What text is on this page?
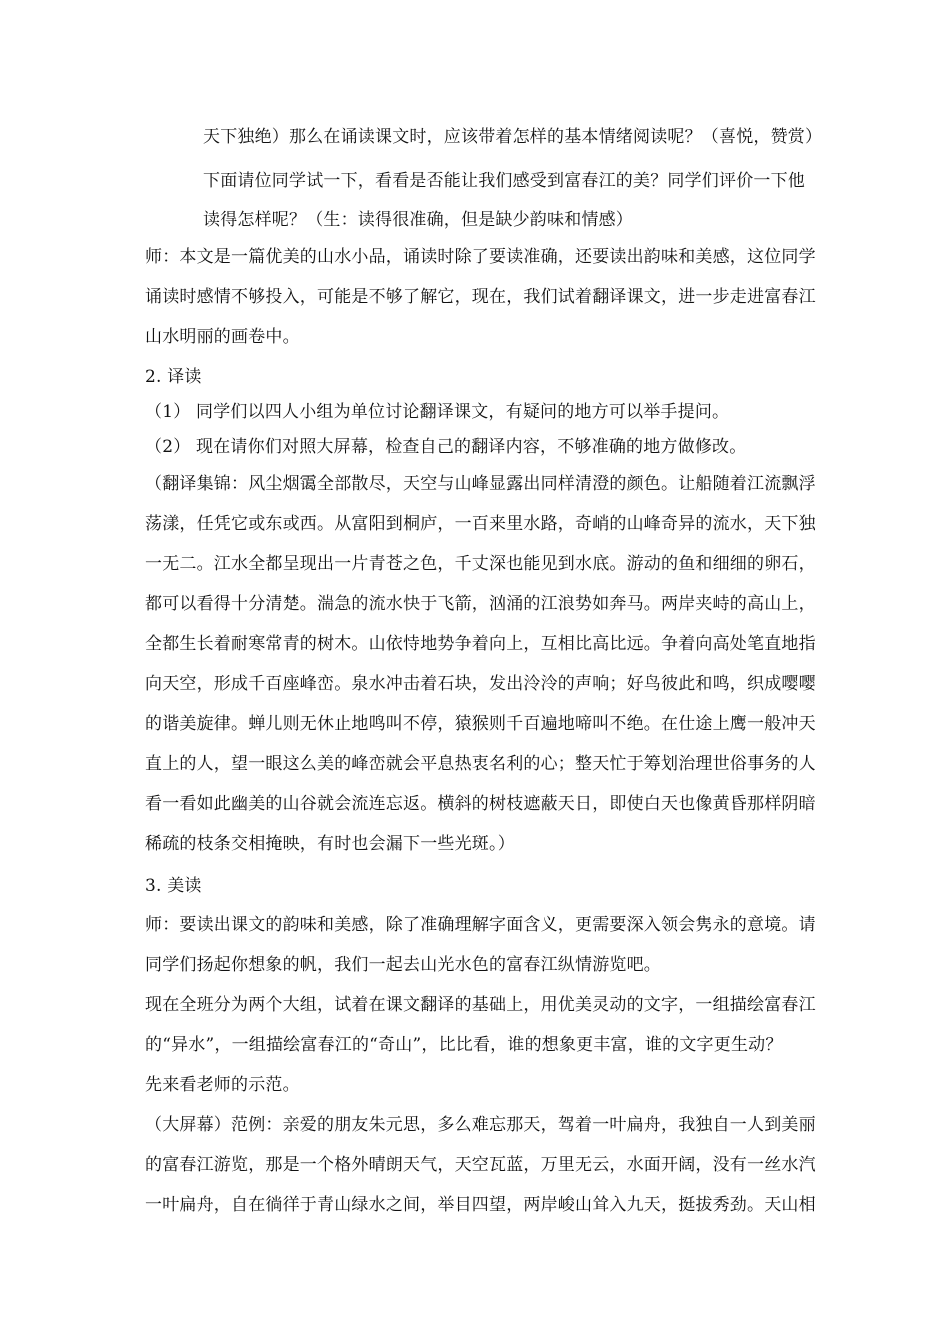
天下独绝）那么在诵读课文时，应该带着怎样的基本情绪阅读呢？（喜悦，赞赏）
下面请位同学试一下，看看是否能让我们感受到富春江的美？同学们评价一下他
读得怎样呢？（生：读得很准确，但是缺少韵味和情感）
师：本文是一篇优美的山水小品，诵读时除了要读准确，还要读出韵味和美感，这位同学
诵读时感情不够投入，可能是不够了解它，现在，我们试着翻译课文，进一步走进富春江
山水明丽的画卷中。
2. 译读
（1） 同学们以四人小组为单位讨论翻译课文，有疑问的地方可以举手提问。
（2） 现在请你们对照大屏幕，检查自己的翻译内容，不够准确的地方做修改。
（翻译集锦：风尘烟霭全部散尽，天空与山峰显露出同样清澄的颜色。让船随着江流飘浮
荡漾，任凭它或东或西。从富阳到桐庐，一百来里水路，奇峭的山峰奇异的流水，天下独
一无二。江水全都呈现出一片青苍之色，千丈深也能见到水底。游动的鱼和细细的卵石，
都可以看得十分清楚。湍急的流水快于飞箭，汹涌的江浪势如奔马。两岸夹峙的高山上，
全都生长着耐寒常青的树木。山依恃地势争着向上，互相比高比远。争着向高处笔直地指
向天空，形成千百座峰峦。泉水冲击着石块，发出泠泠的声响；好鸟彼此和鸣，织成嘤嘤
的谐美旋律。蝉儿则无休止地鸣叫不停，猿猴则千百遍地啼叫不绝。在仕途上鹰一般冲天
直上的人，望一眼这么美的峰峦就会平息热衷名利的心；整天忙于筹划治理世俗事务的人
看一看如此幽美的山谷就会流连忘返。横斜的树枝遮蔽天日，即使白天也像黄昏那样阴暗
稀疏的枝条交相掩映，有时也会漏下一些光斑。）
3. 美读
师：要读出课文的韵味和美感，除了准确理解字面含义，更需要深入领会隽永的意境。请
同学们扬起你想象的帆，我们一起去山光水色的富春江纵情游览吧。
现在全班分为两个大组，试着在课文翻译的基础上，用优美灵动的文字，一组描绘富春江
的“异水”，一组描绘富春江的“奇山”，比比看，谁的想象更丰富，谁的文字更生动？
先来看老师的示范。
（大屏幕）范例：亲爱的朋友朱元思，多么难忘那天，驾着一叶扁舟，我独自一人到美丽
的富春江游览，那是一个格外晴朗天气，天空瓦蓝，万里无云，水面开阔，没有一丝水汽
一叶扁舟，自在徜徉于青山绿水之间，举目四望，两岸峻山耸入九天，挺拔秀劲。天山相
